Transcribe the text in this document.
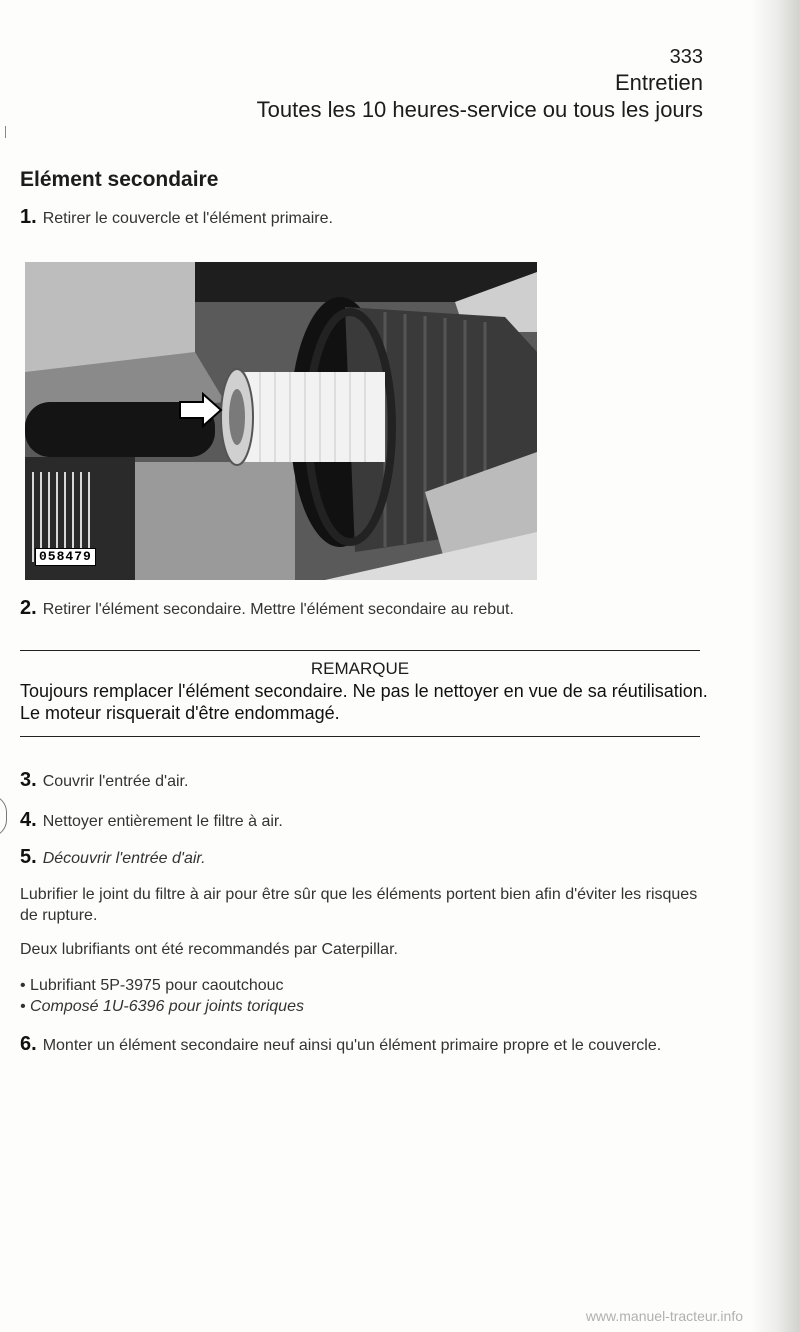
333
Entretien
Toutes les 10 heures-service ou tous les jours
Elément secondaire
1. Retirer le couvercle et l'élément primaire.
058479
2. Retirer l'élément secondaire. Mettre l'élément secondaire au rebut.
REMARQUE
Toujours remplacer l'élément secondaire. Ne pas le nettoyer en vue de sa réutilisation. Le moteur risquerait d'être endommagé.
3. Couvrir l'entrée d'air.
4. Nettoyer entièrement le filtre à air.
5. Découvrir l'entrée d'air.
Lubrifier le joint du filtre à air pour être sûr que les éléments portent bien afin d'éviter les risques de rupture.
Deux lubrifiants ont été recommandés par Caterpillar.
• Lubrifiant 5P-3975 pour caoutchouc
• Composé 1U-6396 pour joints toriques
6. Monter un élément secondaire neuf ainsi qu'un élément primaire propre et le couvercle.
www.manuel-tracteur.info
